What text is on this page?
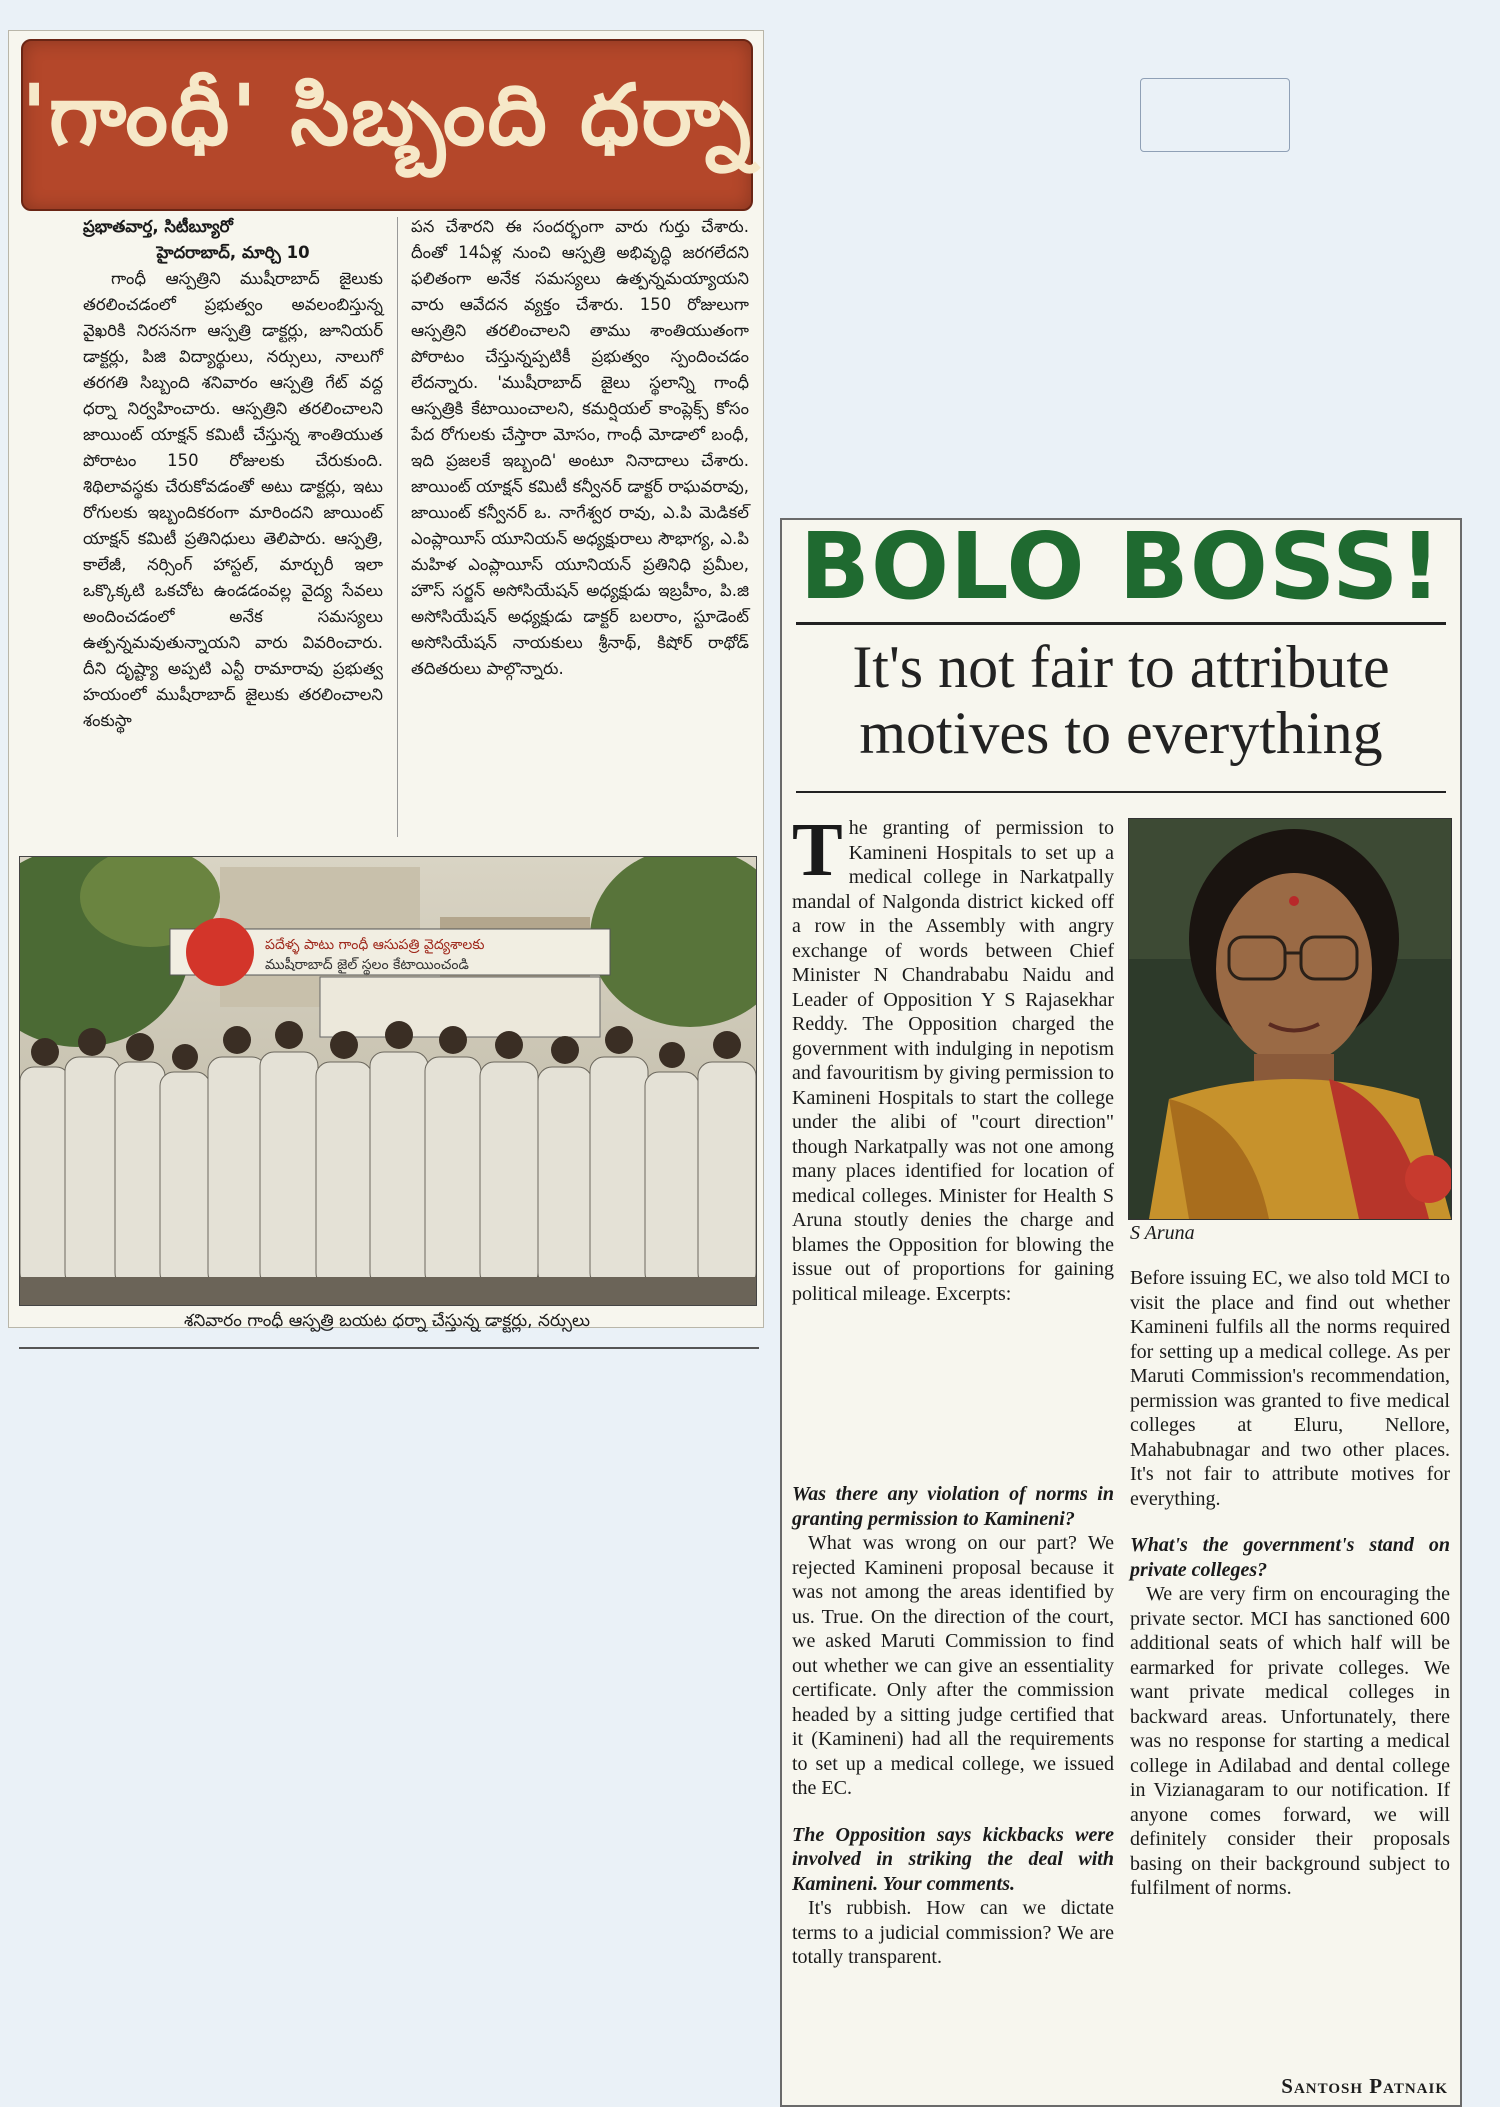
'గాంధీ' సిబ్బంది ధర్నా

ప్రభాతవార్త, సిటీబ్యూరో

హైదరాబాద్, మార్చి 10

గాంధీ ఆస్పత్రిని ముషీరాబాద్ జైలుకు తరలించడంలో ప్రభుత్వం అవలంబిస్తున్న వైఖరికి నిరసనగా ఆస్పత్రి డాక్టర్లు, జూనియర్ డాక్టర్లు, పిజి విద్యార్థులు, నర్సులు, నాలుగో తరగతి సిబ్బంది శనివారం ఆస్పత్రి గేట్ వద్ద ధర్నా నిర్వహించారు. ఆస్పత్రిని తరలించాలని జాయింట్ యాక్షన్ కమిటీ చేస్తున్న శాంతియుత పోరాటం 150 రోజులకు చేరుకుంది. శిథిలావస్థకు చేరుకోవడంతో అటు డాక్టర్లు, ఇటు రోగులకు ఇబ్బందికరంగా మారిందని జాయింట్ యాక్షన్ కమిటీ ప్రతినిధులు తెలిపారు. ఆస్పత్రి, కాలేజీ, నర్సింగ్ హాస్టల్, మార్చురీ ఇలా ఒక్కొక్కటి ఒకచోట ఉండడంవల్ల వైద్య సేవలు అందించడంలో అనేక సమస్యలు ఉత్పన్నమవుతున్నాయని వారు వివరించారు. దీని దృష్ట్యా అప్పటి ఎన్టీ రామారావు ప్రభుత్వ హయంలో ముషీరాబాద్ జైలుకు తరలించాలని శంకుస్థా

పన చేశారని ఈ సందర్భంగా వారు గుర్తు చేశారు. దీంతో 14ఏళ్ల నుంచి ఆస్పత్రి అభివృద్ధి జరగలేదని ఫలితంగా అనేక సమస్యలు ఉత్పన్నమయ్యాయని వారు ఆవేదన వ్యక్తం చేశారు. 150 రోజులుగా ఆస్పత్రిని తరలించాలని తాము శాంతియుతంగా పోరాటం చేస్తున్నప్పటికీ ప్రభుత్వం స్పందించడం లేదన్నారు. 'ముషీరాబాద్ జైలు స్థలాన్ని గాంధీ ఆస్పత్రికి కేటాయించాలని, కమర్షియల్ కాంప్లెక్స్ కోసం పేద రోగులకు చేస్తారా మోసం, గాంధీ మోడాలో బంధీ, ఇది ప్రజలకే ఇబ్బంది' అంటూ నినాదాలు చేశారు. జాయింట్ యాక్షన్ కమిటీ కన్వీనర్ డాక్టర్ రాఘవరావు, జాయింట్ కన్వీనర్ ఒ. నాగేశ్వర రావు, ఎ.పి మెడికల్ ఎంప్లాయీస్ యూనియన్ అధ్యక్షురాలు సౌభాగ్య, ఎ.పి మహిళ ఎంప్లాయీస్ యూనియన్ ప్రతినిధి ప్రమీల, హౌస్ సర్జన్ అసోసియేషన్ అధ్యక్షుడు ఇబ్రహీం, పి.జి అసోసియేషన్ అధ్యక్షుడు డాక్టర్ బలరాం, స్టూడెంట్ అసోసియేషన్ నాయకులు శ్రీనాథ్, కిషోర్ రాథోడ్ తదితరులు పాల్గొన్నారు.

పదేళ్ళ పాటు గాంధీ ఆసుపత్రి వైద్యశాలకు
ముషీరాబాద్ జైల్ స్థలం కేటాయించండి
శనివారం గాంధీ ఆస్పత్రి బయట ధర్నా చేస్తున్న డాక్టర్లు, నర్సులు
BOLO BOSS!
It's not fair to attribute
motives to everything

The granting of permission to Kamineni Hospitals to set up a medical college in Narkatpally mandal of Nalgonda district kicked off a row in the Assembly with angry exchange of words between Chief Minister N Chandrababu Naidu and Leader of Opposition Y S Rajasekhar Reddy. The Opposition charged the government with indulging in nepotism and favouritism by giving permission to Kamineni Hospitals to start the college under the alibi of "court direction" though Narkatpally was not one among many places identified for location of medical colleges. Minister for Health S Aruna stoutly denies the charge and blames the Opposition for blowing the issue out of proportions for gaining political mileage. Excerpts:

S Aruna

Was there any violation of norms in granting permission to Kamineni?

What was wrong on our part? We rejected Kamineni proposal because it was not among the areas identified by us. True. On the direction of the court, we asked Maruti Commission to find out whether we can give an essentiality certificate. Only after the commission headed by a sitting judge certified that it (Kamineni) had all the requirements to set up a medical college, we issued the EC.

The Opposition says kickbacks were involved in striking the deal with Kamineni. Your comments.

It's rubbish. How can we dictate terms to a judicial commission? We are totally transparent.

Before issuing EC, we also told MCI to visit the place and find out whether Kamineni fulfils all the norms required for setting up a medical college. As per Maruti Commission's recommendation, permission was granted to five medical colleges at Eluru, Nellore, Mahabubnagar and two other places. It's not fair to attribute motives for everything.

What's the government's stand on private colleges?

We are very firm on encouraging the private sector. MCI has sanctioned 600 additional seats of which half will be earmarked for private colleges. We want private medical colleges in backward areas. Unfortunately, there was no response for starting a medical college in Adilabad and dental college in Vizianagaram to our notification. If anyone comes forward, we will definitely consider their proposals basing on their background subject to fulfilment of norms.

Santosh Patnaik
